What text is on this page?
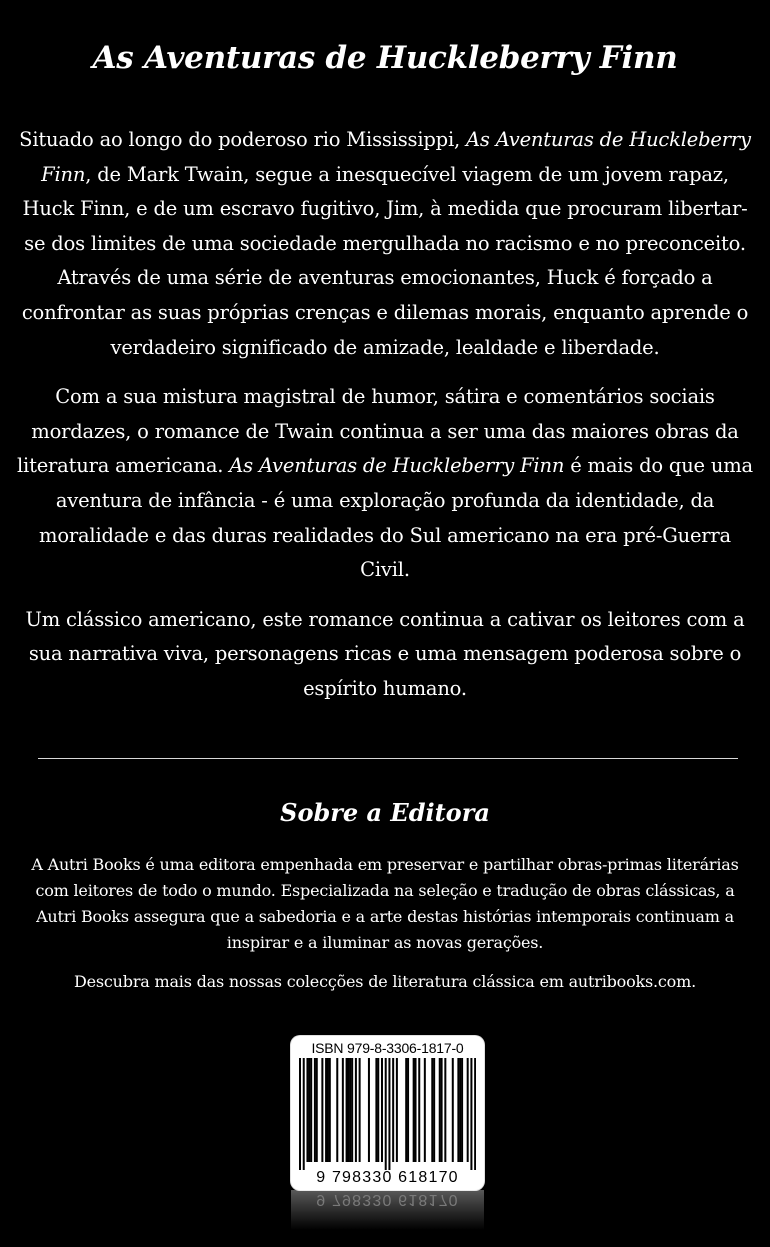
As Aventuras de Huckleberry Finn

Situado ao longo do poderoso rio Mississippi, As Aventuras de Huckleberry Finn, de Mark Twain, segue a inesquecível viagem de um jovem rapaz, Huck Finn, e de um escravo fugitivo, Jim, à medida que procuram libertar-se dos limites de uma sociedade mergulhada no racismo e no preconceito. Através de uma série de aventuras emocionantes, Huck é forçado a confrontar as suas próprias crenças e dilemas morais, enquanto aprende o verdadeiro significado de amizade, lealdade e liberdade.

Com a sua mistura magistral de humor, sátira e comentários sociais mordazes, o romance de Twain continua a ser uma das maiores obras da literatura americana. As Aventuras de Huckleberry Finn é mais do que uma aventura de infância - é uma exploração profunda da identidade, da moralidade e das duras realidades do Sul americano na era pré-Guerra Civil.

Um clássico americano, este romance continua a cativar os leitores com a sua narrativa viva, personagens ricas e uma mensagem poderosa sobre o espírito humano.

Sobre a Editora

A Autri Books é uma editora empenhada em preservar e partilhar obras-primas literárias com leitores de todo o mundo. Especializada na seleção e tradução de obras clássicas, a Autri Books assegura que a sabedoria e a arte destas histórias intemporais continuam a inspirar e a iluminar as novas gerações.

Descubra mais das nossas colecções de literatura clássica em autribooks.com.

ISBN 979-8-3306-1817-0
9 798330 618170
9 798330 618170
